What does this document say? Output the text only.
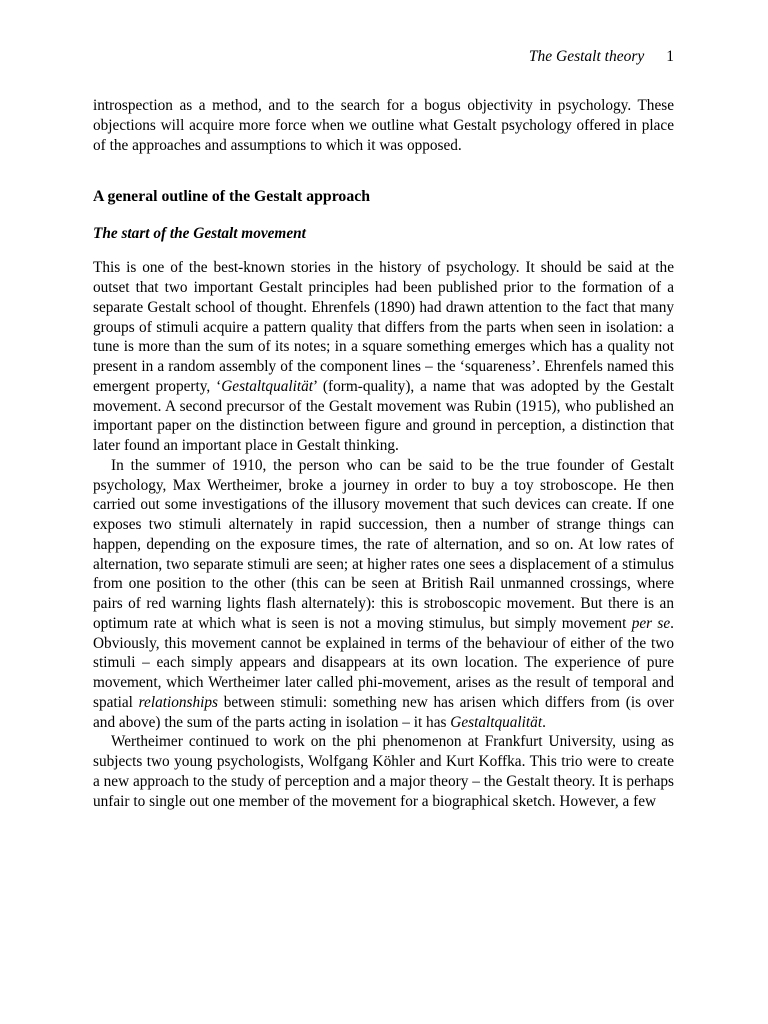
The Gestalt theory 1

introspection as a method, and to the search for a bogus objectivity in psychology. These objections will acquire more force when we outline what Gestalt psychology offered in place of the approaches and assumptions to which it was opposed.

A general outline of the Gestalt approach
The start of the Gestalt movement

This is one of the best-known stories in the history of psychology. It should be said at the outset that two important Gestalt principles had been published prior to the formation of a separate Gestalt school of thought. Ehrenfels (1890) had drawn attention to the fact that many groups of stimuli acquire a pattern quality that differs from the parts when seen in isolation: a tune is more than the sum of its notes; in a square something emerges which has a quality not present in a random assembly of the component lines – the ‘squareness’. Ehrenfels named this emergent property, ‘Gestaltqualität’ (form-quality), a name that was adopted by the Gestalt movement. A second precursor of the Gestalt movement was Rubin (1915), who published an important paper on the distinction between figure and ground in perception, a distinction that later found an important place in Gestalt thinking.

In the summer of 1910, the person who can be said to be the true founder of Gestalt psychology, Max Wertheimer, broke a journey in order to buy a toy stroboscope. He then carried out some investigations of the illusory movement that such devices can create. If one exposes two stimuli alternately in rapid succession, then a number of strange things can happen, depending on the exposure times, the rate of alternation, and so on. At low rates of alternation, two separate stimuli are seen; at higher rates one sees a displacement of a stimulus from one position to the other (this can be seen at British Rail unmanned crossings, where pairs of red warning lights flash alternately): this is stroboscopic movement. But there is an optimum rate at which what is seen is not a moving stimulus, but simply movement per se. Obviously, this movement cannot be explained in terms of the behaviour of either of the two stimuli – each simply appears and disappears at its own location. The experience of pure movement, which Wertheimer later called phi-movement, arises as the result of temporal and spatial relationships between stimuli: something new has arisen which differs from (is over and above) the sum of the parts acting in isolation – it has Gestaltqualität.

Wertheimer continued to work on the phi phenomenon at Frankfurt University, using as subjects two young psychologists, Wolfgang Köhler and Kurt Koffka. This trio were to create a new approach to the study of perception and a major theory – the Gestalt theory. It is perhaps unfair to single out one member of the movement for a biographical sketch. However, a few
